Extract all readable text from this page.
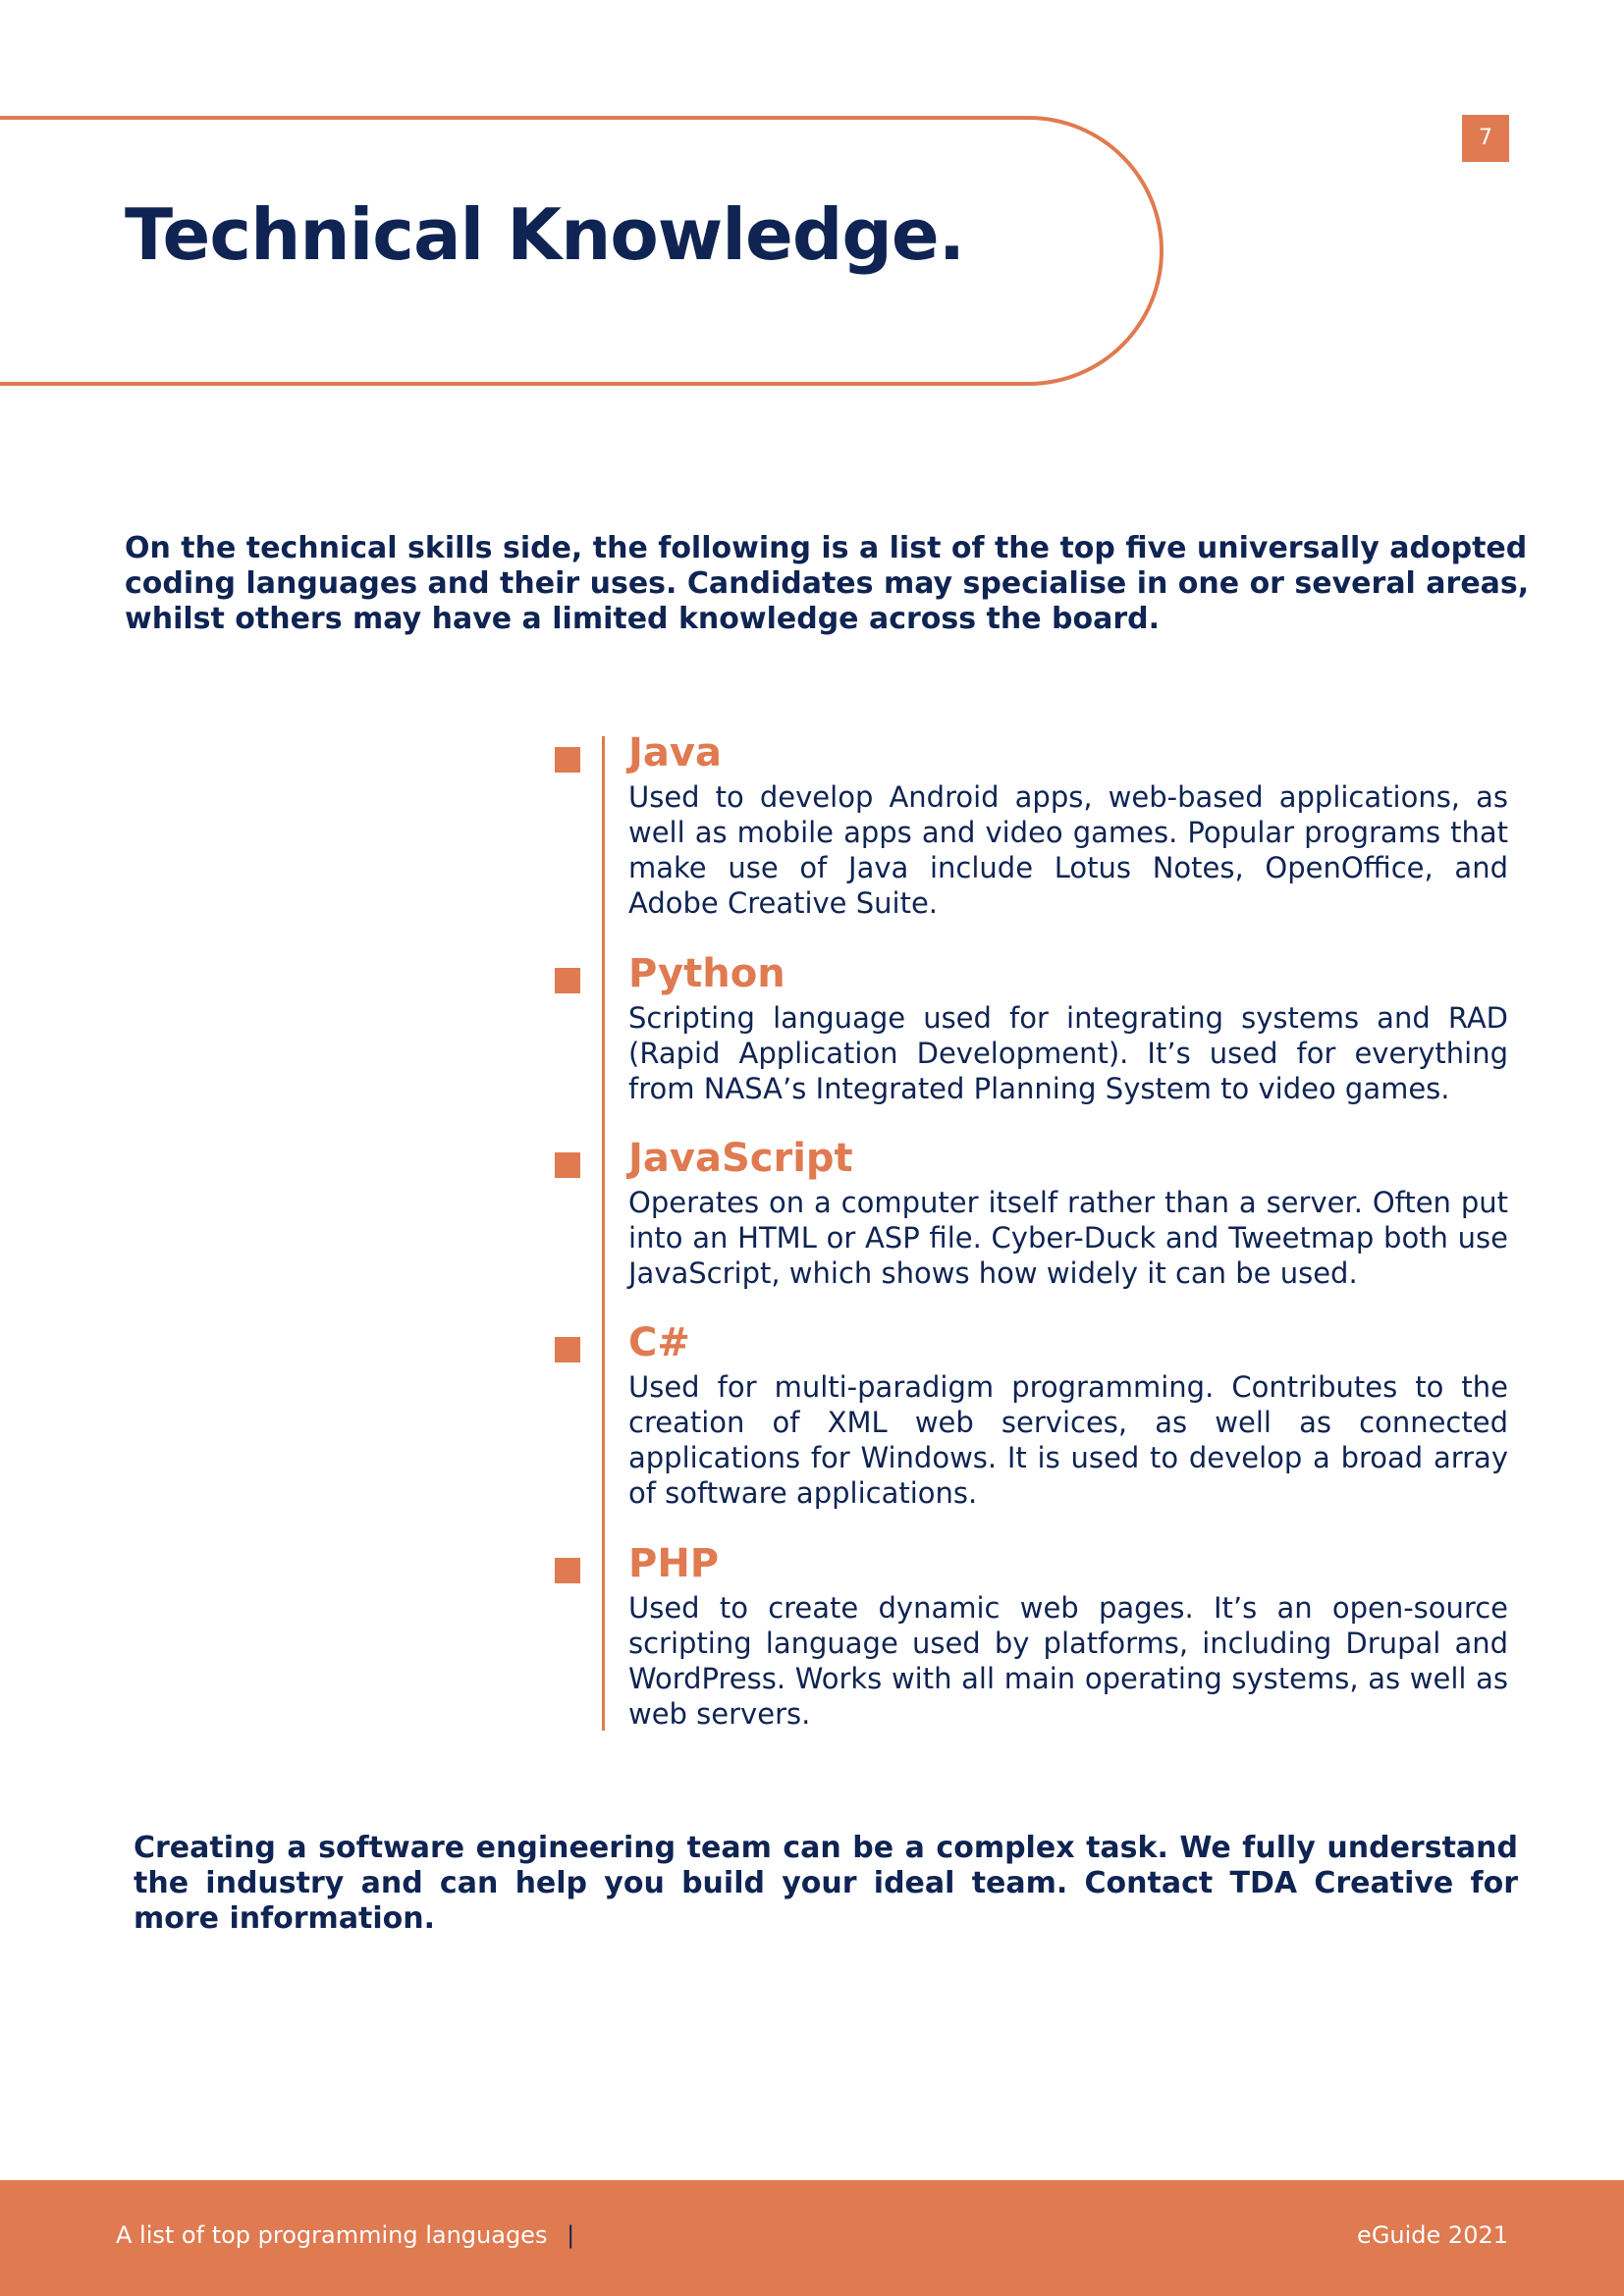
Technical Knowledge.
7

On the technical skills side, the following is a list of the top five universally adopted coding languages and their uses. Candidates may specialise in one or several areas, whilst others may have a limited knowledge across the board.

Java

Used to develop Android apps, web-based applications, as well as mobile apps and video games. Popular programs that make use of Java include Lotus Notes, OpenOffice, and Adobe Creative Suite.

Python

Scripting language used for integrating systems and RAD (Rapid Application Development). It’s used for everything from NASA’s Integrated Planning System to video games.

JavaScript

Operates on a computer itself rather than a server. Often put into an HTML or ASP file. Cyber-Duck and Tweetmap both use JavaScript, which shows how widely it can be used.

C#

Used for multi-paradigm programming. Contributes to the creation of XML web services, as well as connected applications for Windows. It is used to develop a broad array of software applications.

PHP

Used to create dynamic web pages. It’s an open-source scripting language used by platforms, including Drupal and WordPress. Works with all main operating systems, as well as web servers.

Creating a software engineering team can be a complex task. We fully understand the industry and can help you build your ideal team. Contact TDA Creative for more information.

A list of top programming languages |	eGuide 2021
